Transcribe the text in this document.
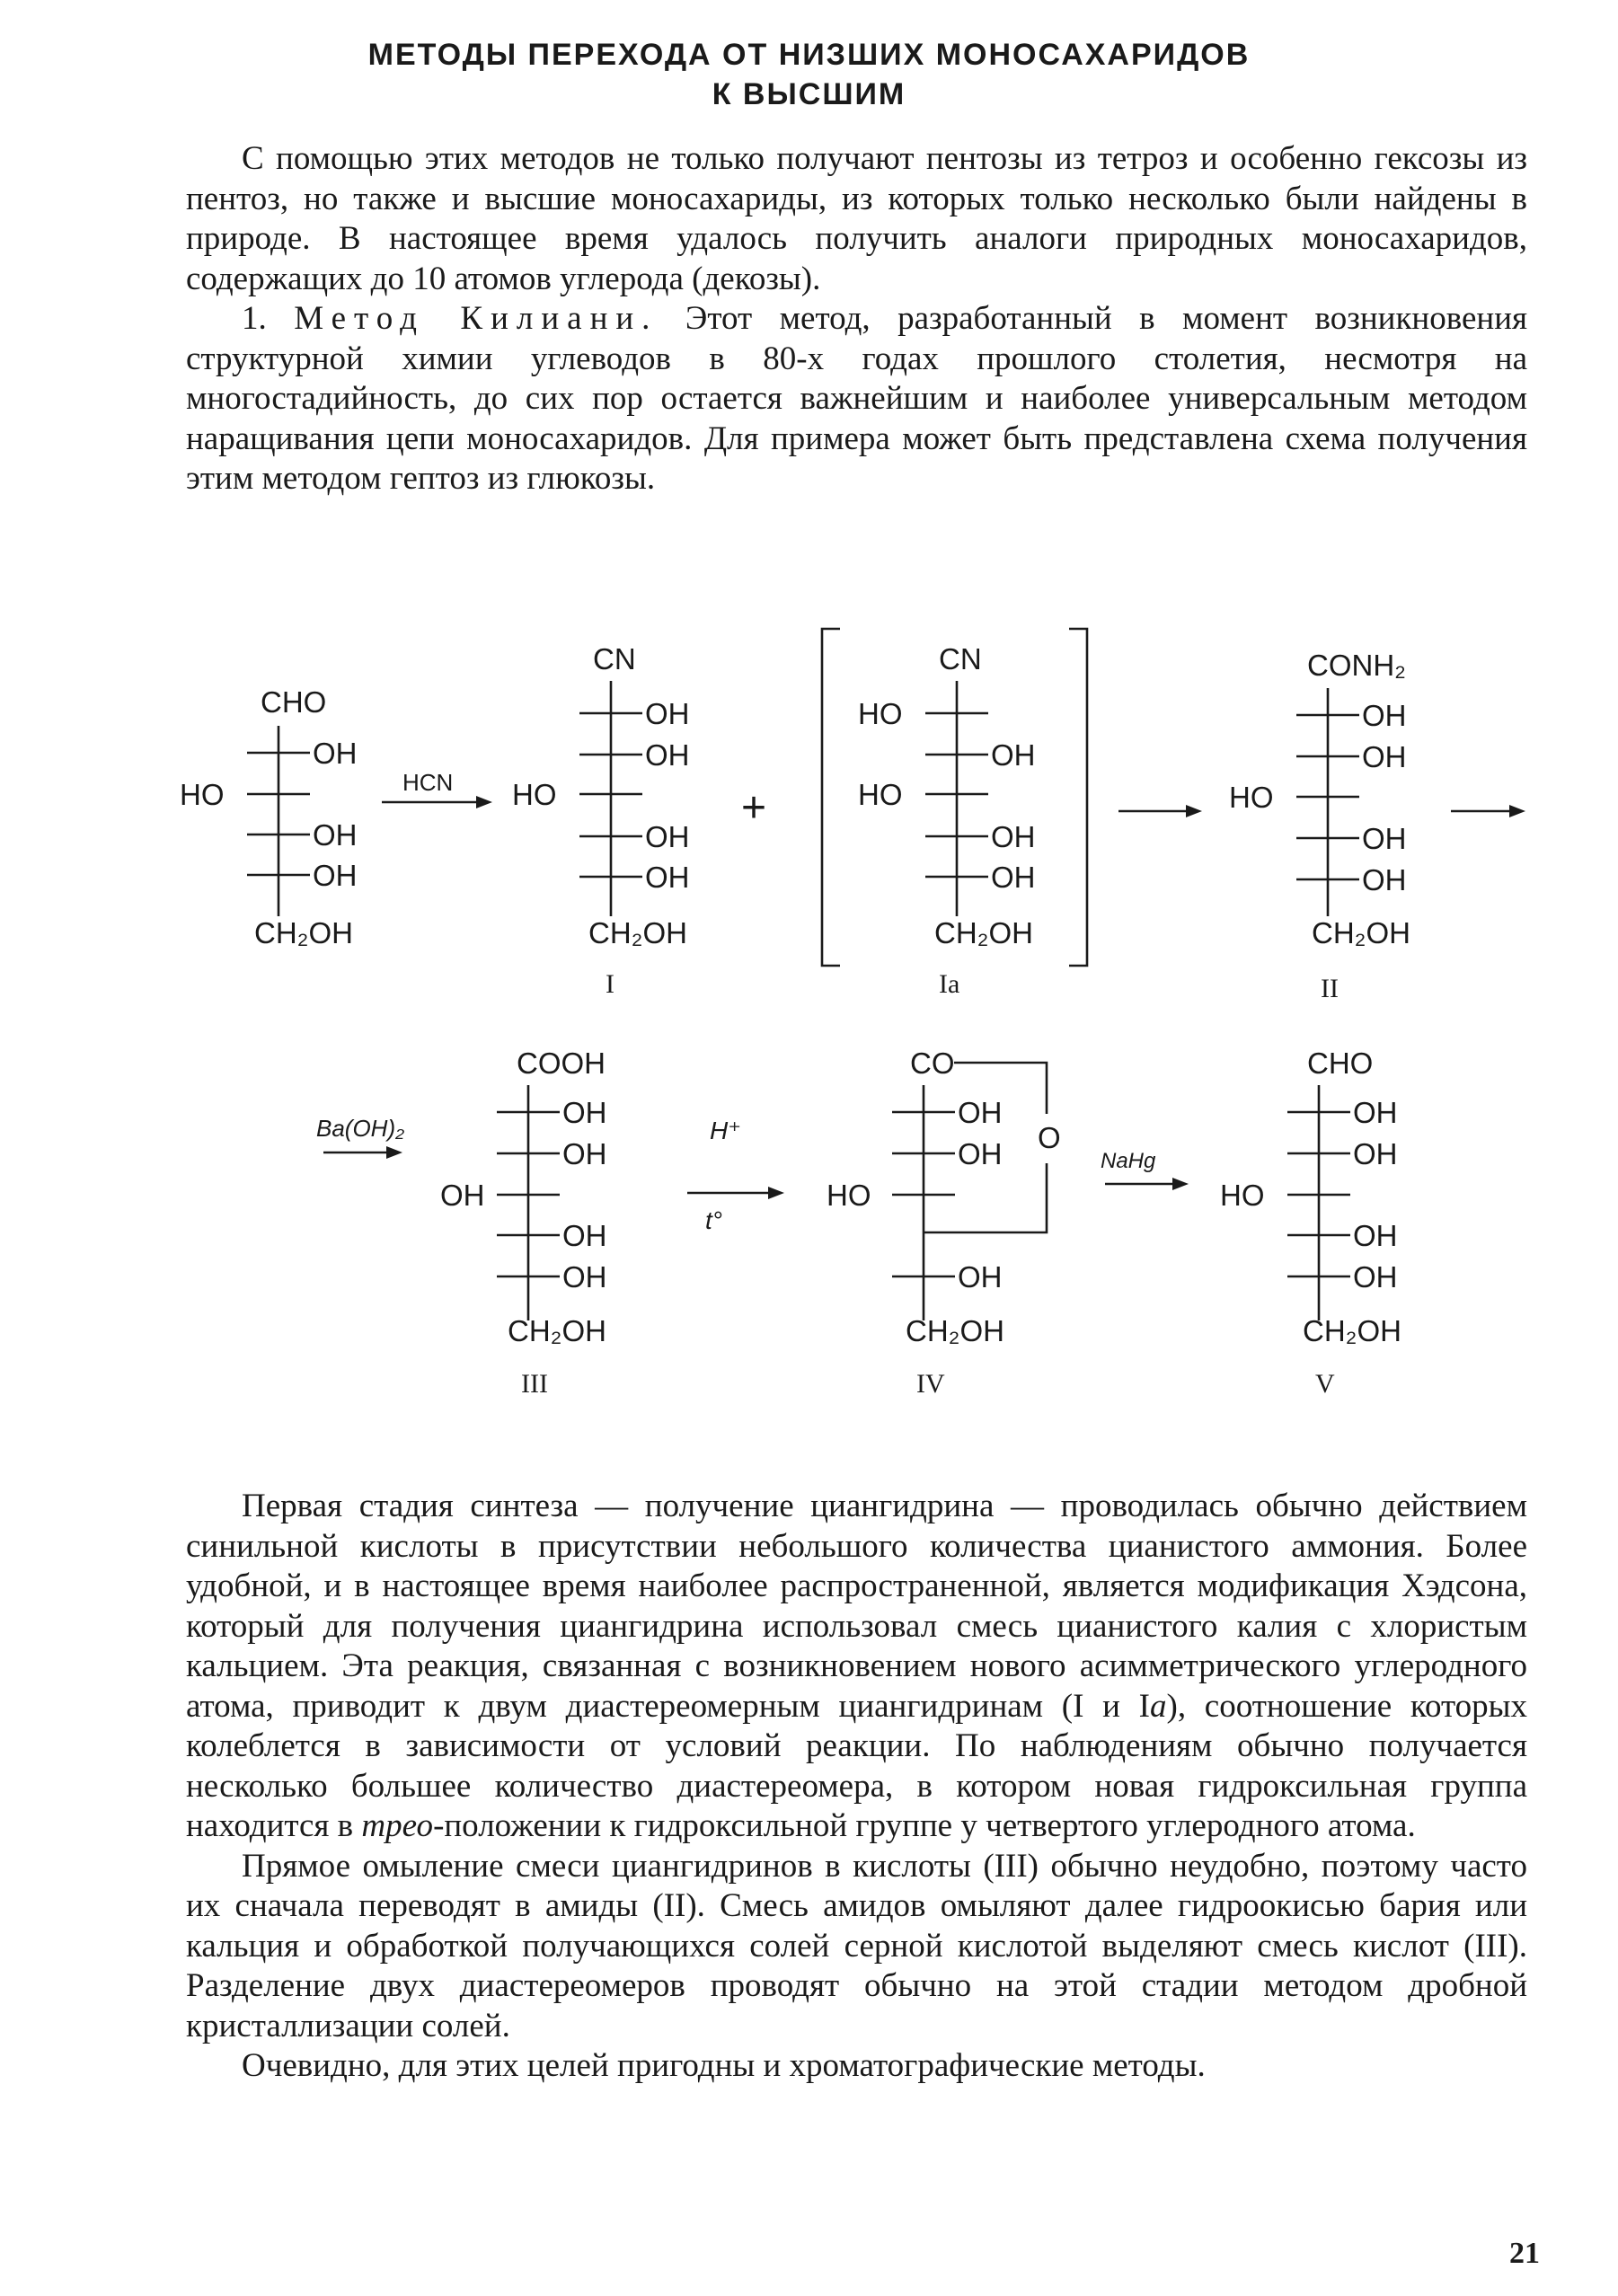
МЕТОДЫ ПЕРЕХОДА ОТ НИЗШИХ МОНОСАХАРИДОВ
К ВЫСШИМ

С помощью этих методов не только получают пентозы из тетроз и особенно гексозы из пентоз, но также и высшие моносахариды, из которых только несколько были найдены в природе. В настоящее время удалось получить аналоги природных моносахаридов, содержащих до 10 атомов углерода (декозы).

1. Метод Килиани. Этот метод, разработанный в момент возникновения структурной химии углеводов в 80-х годах прошлого столетия, несмотря на многостадийность, до сих пор остается важнейшим и наиболее универсальным методом наращивания цепи моносахаридов. Для примера может быть представлена схема получения этим методом гептоз из глюкозы.

CHO
OH
HO
OH
OH
CH₂OH
HCN
CN
OH
OH
HO
OH
OH
CH₂OH
I
+
CN
HO
OH
HO
OH
OH
CH₂OH
Ia
CONH₂
OH
OH
HO
OH
OH
CH₂OH
II
Ba(OH)₂
COOH
OH
OH
OH
OH
OH
CH₂OH
III
H⁺
t°
CO
O
OH
OH
HO
OH
CH₂OH
IV
NaHg
CHO
OH
OH
HO
OH
OH
CH₂OH
V

Первая стадия синтеза — получение циангидрина — проводилась обычно действием синильной кислоты в присутствии небольшого количества цианистого аммония. Более удобной, и в настоящее время наиболее распространенной, является модификация Хэдсона, который для получения циангидрина использовал смесь цианистого калия с хлористым кальцием. Эта реакция, связанная с возникновением нового асимметрического углеродного атома, приводит к двум диастереомерным циангидринам (I и Ia), соотношение которых колеблется в зависимости от условий реакции. По наблюдениям обычно получается несколько большее количество диастереомера, в котором новая гидроксильная группа находится в трео-положении к гидроксильной группе у четвертого углеродного атома.

Прямое омыление смеси циангидринов в кислоты (III) обычно неудобно, поэтому часто их сначала переводят в амиды (II). Смесь амидов омыляют далее гидроокисью бария или кальция и обработкой получающихся солей серной кислотой выделяют смесь кислот (III). Разделение двух диастереомеров проводят обычно на этой стадии методом дробной кристаллизации солей.

Очевидно, для этих целей пригодны и хроматографические методы.

21
